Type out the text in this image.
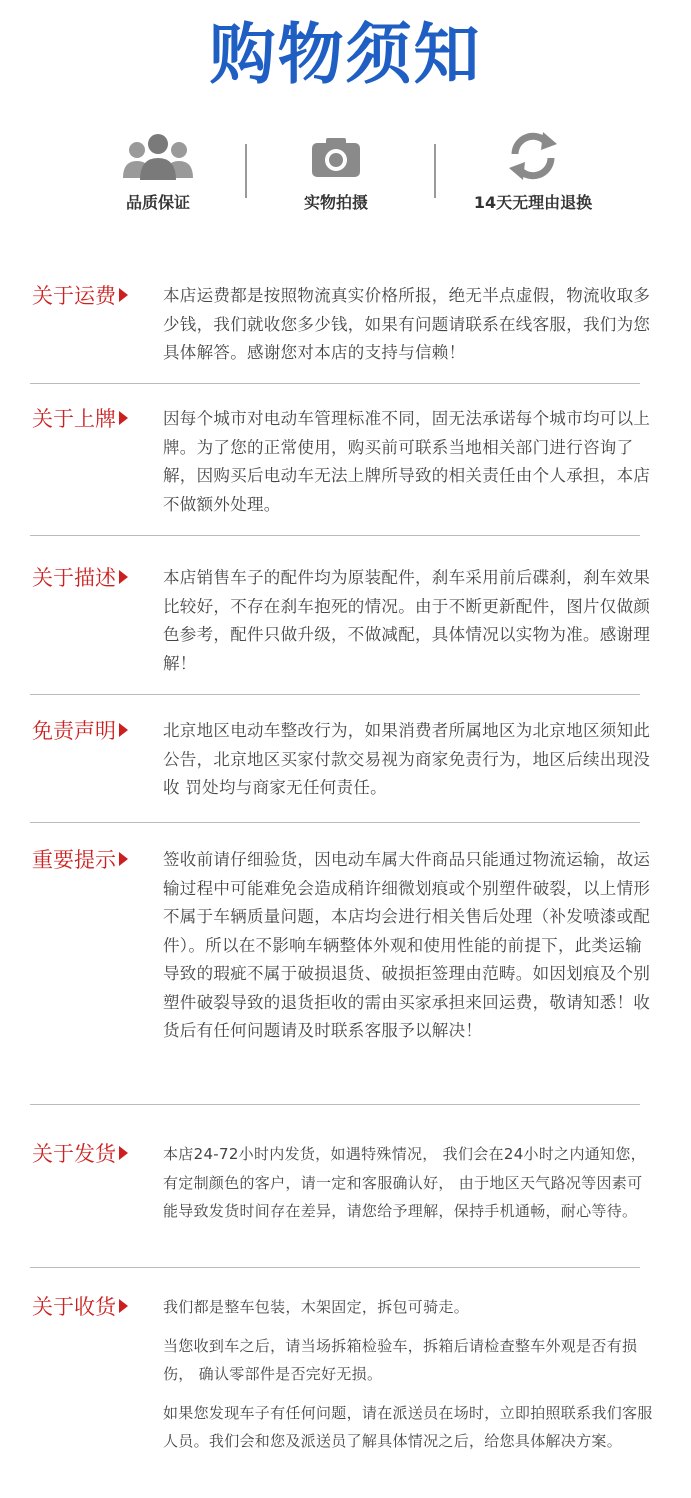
购物须知
品质保证	实物拍摄	14天无理由退换
关于运费	本店运费都是按照物流真实价格所报，绝无半点虚假，物流收取多少钱，我们就收您多少钱，如果有问题请联系在线客服，我们为您具体解答。感谢您对本店的支持与信赖！
关于上牌	因每个城市对电动车管理标准不同，固无法承诺每个城市均可以上牌。为了您的正常使用，购买前可联系当地相关部门进行咨询了解，因购买后电动车无法上牌所导致的相关责任由个人承担，本店不做额外处理。
关于描述	本店销售车子的配件均为原装配件，刹车采用前后碟刹，刹车效果比较好，不存在刹车抱死的情况。由于不断更新配件，图片仅做颜色参考，配件只做升级，不做减配，具体情况以实物为准。感谢理解！
免责声明	北京地区电动车整改行为，如果消费者所属地区为北京地区须知此公告，北京地区买家付款交易视为商家免责行为，地区后续出现没收 罚处均与商家无任何责任。
重要提示	签收前请仔细验货，因电动车属大件商品只能通过物流运输，故运输过程中可能难免会造成稍许细微划痕或个别塑件破裂，以上情形不属于车辆质量问题，本店均会进行相关售后处理（补发喷漆或配件）。所以在不影响车辆整体外观和使用性能的前提下，此类运输导致的瑕疵不属于破损退货、破损拒签理由范畴。如因划痕及个别塑件破裂导致的退货拒收的需由买家承担来回运费，敬请知悉！收货后有任何问题请及时联系客服予以解决！
关于发货	本店24-72小时内发货，如遇特殊情况， 我们会在24小时之内通知您，有定制颜色的客户，请一定和客服确认好， 由于地区天气路况等因素可能导致发货时间存在差异，请您给予理解，保持手机通畅，耐心等待。
关于收货	我们都是整车包装，木架固定，拆包可骑走。

当您收到车之后，请当场拆箱检验车，拆箱后请检查整车外观是否有损伤， 确认零部件是否完好无损。

如果您发现车子有任何问题，请在派送员在场时，立即拍照联系我们客服人员。我们会和您及派送员了解具体情况之后，给您具体解决方案。
